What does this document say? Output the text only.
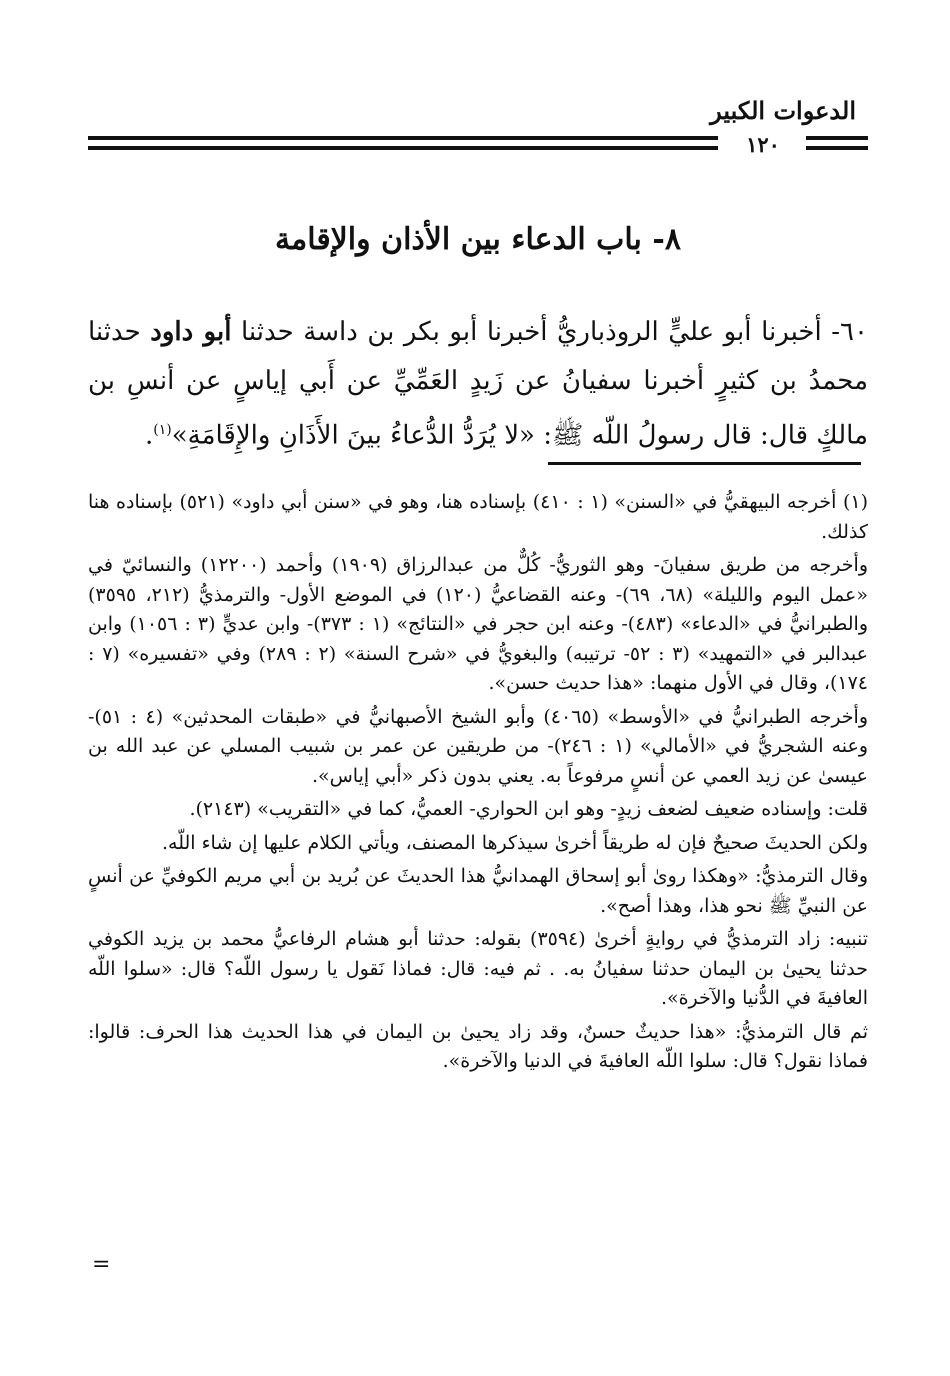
الدعوات الكبير
١٢٠
٨- باب الدعاء بين الأذان والإقامة

٦٠- أخبرنا أبو عليٍّ الروذباريُّ أخبرنا أبو بكر بن داسة حدثنا أبو داود حدثنا محمدُ بن كثيرٍ أخبرنا سفيانُ عن زَيدٍ العَمِّيِّ عن أَبي إياسٍ عن أنسِ بن مالكٍ قال: قال رسولُ اللّه ﷺ: «لا يُرَدُّ الدُّعاءُ بينَ الأَذَانِ والإِقَامَةِ»$^{(١)}$.

(١) أخرجه البيهقيُّ في «السنن» (١ : ٤١٠) بإسناده هنا، وهو في «سنن أبي داود» (٥٢١) بإسناده هنا كذلك.

وأخرجه من طريق سفيانَ- وهو الثوريُّ- كُلٌّ من عبدالرزاق (١٩٠٩) وأحمد (١٢٢٠٠) والنسائيّ في «عمل اليوم والليلة» (٦٨، ٦٩)- وعنه القضاعيُّ (١٢٠) في الموضع الأول- والترمذيُّ (٢١٢، ٣٥٩٥) والطبرانيُّ في «الدعاء» (٤٨٣)- وعنه ابن حجر في «النتائج» (١ : ٣٧٣)- وابن عديٍّ (٣ : ١٠٥٦) وابن عبدالبر في «التمهيد» (٣ : ٥٢- ترتيبه) والبغويُّ في «شرح السنة» (٢ : ٢٨٩) وفي «تفسيره» (٧ : ١٧٤)، وقال في الأول منهما: «هذا حديث حسن».

وأخرجه الطبرانيُّ في «الأوسط» (٤٠٦٥) وأبو الشيخ الأصبهانيُّ في «طبقات المحدثين» (٤ : ٥١)- وعنه الشجريُّ في «الأمالي» (١ : ٢٤٦)- من طريقين عن عمر بن شبيب المسلي عن عبد الله بن عيسىٰ عن زيد العمي عن أنسٍ مرفوعاً به. يعني بدون ذكر «أبي إياس».

قلت: وإسناده ضعيف لضعف زيدٍ- وهو ابن الحواري- العميُّ، كما في «التقريب» (٢١٤٣).

ولكن الحديثَ صحيحٌ فإن له طريقاً أخرىٰ سيذكرها المصنف، ويأتي الكلام عليها إن شاء اللّه.

وقال الترمذيُّ: «وهكذا روىٰ أبو إسحاق الهمدانيُّ هذا الحديثَ عن بُريد بن أبي مريم الكوفيِّ عن أنسٍ عن النبيِّ ﷺ نحو هذا، وهذا أصح».

تنبيه: زاد الترمذيُّ في روايةٍ أخرىٰ (٣٥٩٤) بقوله: حدثنا أبو هشام الرفاعيُّ محمد بن يزيد الكوفي حدثنا يحيىٰ بن اليمان حدثنا سفيانُ به. . ثم فيه: قال: فماذا نَقول يا رسول اللّه؟ قال: «سلوا اللّه العافيةَ في الدُّنيا والآخرة».

ثم قال الترمذيُّ: «هذا حديثٌ حسنٌ، وقد زاد يحيىٰ بن اليمان في هذا الحديث هذا الحرف: قالوا: فماذا نقول؟ قال: سلوا اللّه العافيةَ في الدنيا والآخرة».

=
